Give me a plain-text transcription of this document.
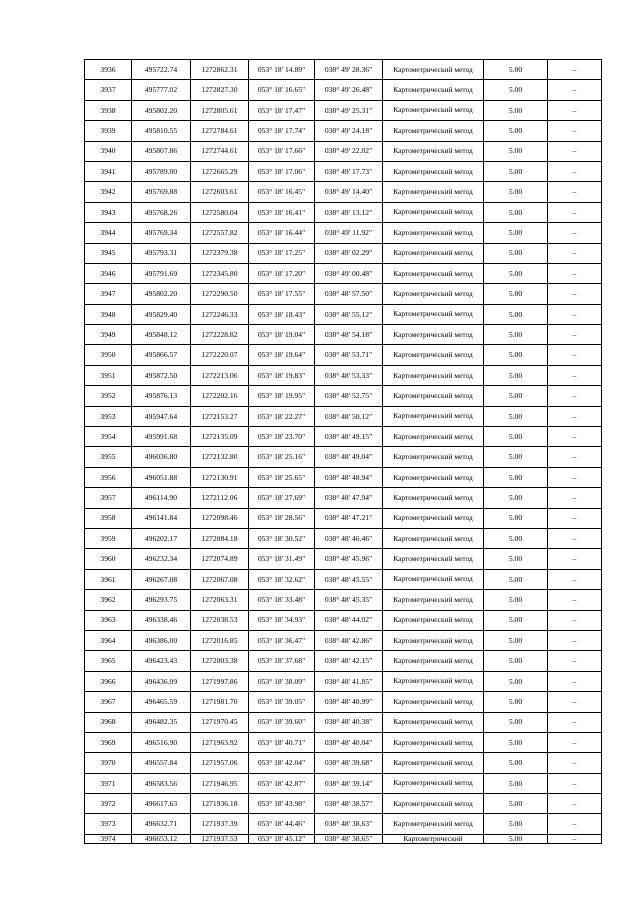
3936	495722.74	1272862.31	053° 18' 14.89"	038° 49' 28.36"	Картометрический метод	5.00	–
3937	495777.02	1272827.30	053° 18' 16.65"	038° 49' 26.48"	Картометрический метод	5.00	–
3938	495802.20	1272805.61	053° 18' 17.47"	038° 49' 25.31"	Картометрический метод	5.00	–
3939	495810.55	1272784.61	053° 18' 17.74"	038° 49' 24.18"	Картометрический метод	5.00	–
3940	495807.86	1272744.61	053° 18' 17.66"	038° 49' 22.02"	Картометрический метод	5.00	–
3941	495789.00	1272665.29	053° 18' 17.06"	038° 49' 17.73"	Картометрический метод	5.00	–
3942	495769.88	1272603.61	053° 18' 16.45"	038° 49' 14.40"	Картометрический метод	5.00	–
3943	495768.26	1272580.04	053° 18' 16.41"	038° 49' 13.12"	Картометрический метод	5.00	–
3944	495769.34	1272557.82	053° 18' 16.44"	038° 49' 11.92"	Картометрический метод	5.00	–
3945	495793.31	1272379.38	053° 18' 17.25"	038° 49' 02.29"	Картометрический метод	5.00	–
3946	495791.69	1272345.80	053° 18' 17.20"	038° 49' 00.48"	Картометрический метод	5.00	–
3947	495802.20	1272290.50	053° 18' 17.55"	038° 48' 57.50"	Картометрический метод	5.00	–
3948	495829.40	1272246.33	053° 18' 18.43"	038° 48' 55.12"	Картометрический метод	5.00	–
3949	495848.12	1272228.82	053° 18' 19.04"	038° 48' 54.18"	Картометрический метод	5.00	–
3950	495866.57	1272220.07	053° 18' 19.64"	038° 48' 53.71"	Картометрический метод	5.00	–
3951	495872.50	1272213.06	053° 18' 19.83"	038° 48' 53.33"	Картометрический метод	5.00	–
3952	495876.13	1272202.16	053° 18' 19.95"	038° 48' 52.75"	Картометрический метод	5.00	–
3953	495947.64	1272153.27	053° 18' 22.27"	038° 48' 50.12"	Картометрический метод	5.00	–
3954	495991.68	1272135.09	053° 18' 23.70"	038° 48' 49.15"	Картометрический метод	5.00	–
3955	496036.80	1272132.80	053° 18' 25.16"	038° 48' 49.04"	Картометрический метод	5.00	–
3956	496051.88	1272130.91	053° 18' 25.65"	038° 48' 48.94"	Картометрический метод	5.00	–
3957	496114.90	1272112.06	053° 18' 27.69"	038° 48' 47.94"	Картометрический метод	5.00	–
3958	496141.84	1272098.46	053° 18' 28.56"	038° 48' 47.21"	Картометрический метод	5.00	–
3959	496202.17	1272084.18	053° 18' 30.52"	038° 48' 46.46"	Картометрический метод	5.00	–
3960	496232.34	1272074.89	053° 18' 31.49"	038° 48' 45.96"	Картометрический метод	5.00	–
3961	496267.08	1272067.08	053° 18' 32.62"	038° 48' 45.55"	Картометрический метод	5.00	–
3962	496293.75	1272063.31	053° 18' 33.48"	038° 48' 45.35"	Картометрический метод	5.00	–
3963	496338.46	1272038.53	053° 18' 34.93"	038° 48' 44.02"	Картометрический метод	5.00	–
3964	496386.00	1272016.85	053° 18' 36.47"	038° 48' 42.86"	Картометрический метод	5.00	–
3965	496423.43	1272003.38	053° 18' 37.68"	038° 48' 42.15"	Картометрический метод	5.00	–
3966	496436.09	1271997.86	053° 18' 38.09"	038° 48' 41.85"	Картометрический метод	5.00	–
3967	496465.59	1271981.70	053° 18' 39.05"	038° 48' 40.99"	Картометрический метод	5.00	–
3968	496482.35	1271970.45	053° 18' 39.60"	038° 48' 40.38"	Картометрический метод	5.00	–
3969	496516.90	1271963.92	053° 18' 40.71"	038° 48' 40.04"	Картометрический метод	5.00	–
3970	496557.84	1271957.06	053° 18' 42.04"	038° 48' 39.68"	Картометрический метод	5.00	–
3971	496583.56	1271946.95	053° 18' 42.87"	038° 48' 39.14"	Картометрический метод	5.00	–
3972	496617.63	1271936.18	053° 18' 43.98"	038° 48' 38.57"	Картометрический метод	5.00	–
3973	496632.71	1271937.39	053° 18' 44.46"	038° 48' 38.63"	Картометрический метод	5.00	–
3974	496653.12	1271937.53	053° 18' 45.12"	038° 48' 38.65"	Картометрический	5.00	–
